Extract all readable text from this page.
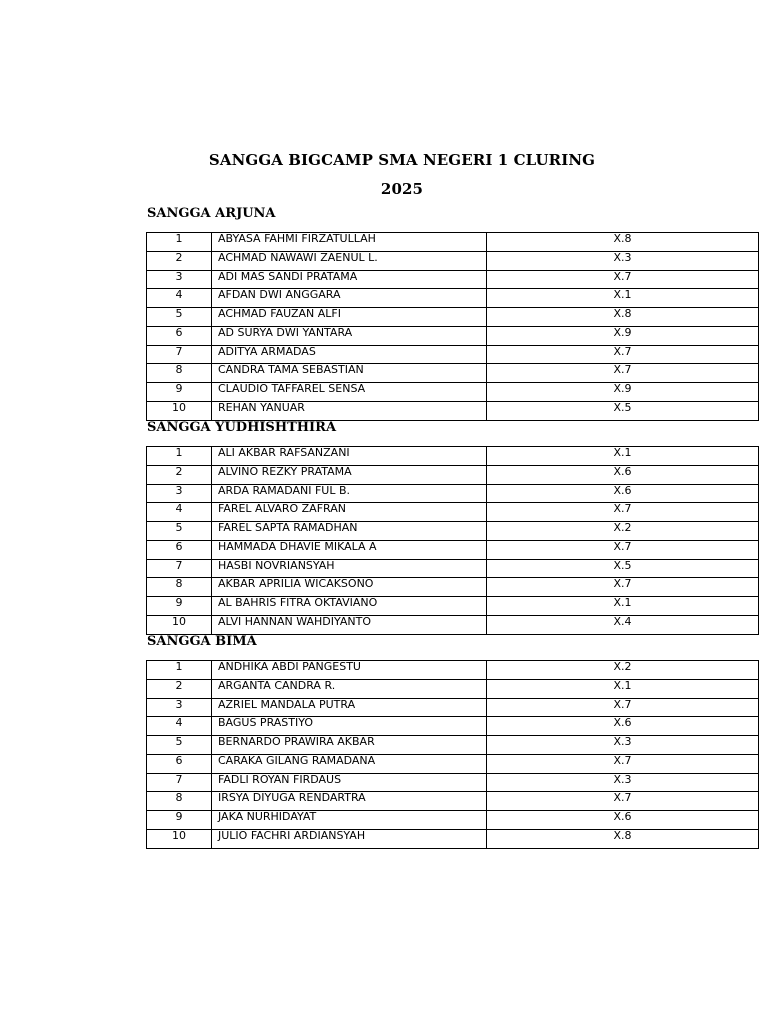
SANGGA BIGCAMP SMA NEGERI 1 CLURING
2025
SANGGA ARJUNA
1	ABYASA FAHMI FIRZATULLAH	X.8
2	ACHMAD NAWAWI ZAENUL L.	X.3
3	ADI MAS SANDI PRATAMA	X.7
4	AFDAN DWI ANGGARA	X.1
5	ACHMAD FAUZAN ALFI	X.8
6	AD SURYA DWI YANTARA	X.9
7	ADITYA ARMADAS	X.7
8	CANDRA TAMA SEBASTIAN	X.7
9	CLAUDIO TAFFAREL SENSA	X.9
10	REHAN YANUAR	X.5
SANGGA YUDHISHTHIRA
1	ALI AKBAR RAFSANZANI	X.1
2	ALVINO REZKY PRATAMA	X.6
3	ARDA RAMADANI FUL B.	X.6
4	FAREL ALVARO ZAFRAN	X.7
5	FAREL SAPTA RAMADHAN	X.2
6	HAMMADA DHAVIE MIKALA A	X.7
7	HASBI NOVRIANSYAH	X.5
8	AKBAR APRILIA WICAKSONO	X.7
9	AL BAHRIS FITRA OKTAVIANO	X.1
10	ALVI HANNAN WAHDIYANTO	X.4
SANGGA BIMA
1	ANDHIKA ABDI PANGESTU	X.2
2	ARGANTA CANDRA R.	X.1
3	AZRIEL MANDALA PUTRA	X.7
4	BAGUS PRASTIYO	X.6
5	BERNARDO PRAWIRA AKBAR	X.3
6	CARAKA GILANG RAMADANA	X.7
7	FADLI ROYAN FIRDAUS	X.3
8	IRSYA DIYUGA RENDARTRA	X.7
9	JAKA NURHIDAYAT	X.6
10	JULIO FACHRI ARDIANSYAH	X.8
